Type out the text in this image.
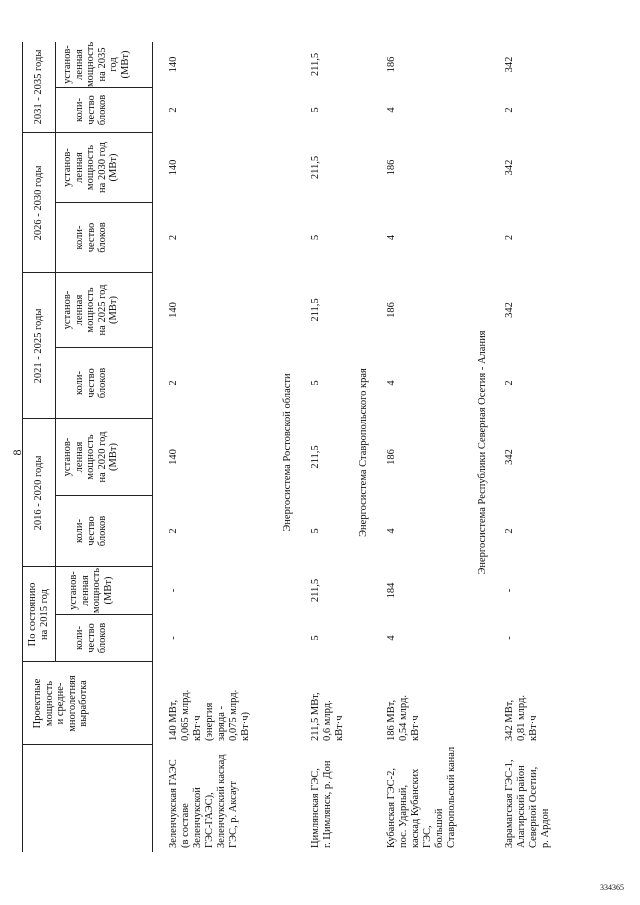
8
Проектные мощность и средне- многолетняя выработка
По состоянию на 2015 год
2016 - 2020 годы
2021 - 2025 годы
2026 - 2030 годы
2031 - 2035 годы
коли- чество блоков
установ- ленная мощность (МВт)
коли- чество блоков
установ- ленная мощность на 2020 год (МВт)
коли- чество блоков
установ- ленная мощность на 2025 год (МВт)
коли- чество блоков
установ- ленная мощность на 2030 год (МВт)
коли- чество блоков
установ- ленная мощность на 2035 год (МВт)
Зеленчукская ГАЭС (в составе Зеленчукской ГЭС-ГАЭС), Зеленчукский каскад ГЭС, р. Аксаут
140 МВт, 0,065 млрд. кВт·ч (энергия заряда - 0,075 млрд. кВт·ч)
-
-
2
140
2
140
2
140
2
140
Энергосистема Ростовской области
Цимлянская ГЭС, г. Цимлянск, р. Дон
211,5 МВт, 0,6 млрд. кВт·ч
5
211,5
5
211,5
5
211,5
5
211,5
5
211,5
Энергосистема Ставропольского края
Кубанская ГЭС-2, пос. Ударный, каскад Кубанских ГЭС, большой Ставропольский канал
186 МВт, 0,54 млрд. кВт·ч
4
184
4
186
4
186
4
186
4
186
Энергосистема Республики Северная Осетия - Алания
Зарамагская ГЭС-1, Алагирский район Северной Осетии, р. Ардон
342 МВт, 0,81 млрд. кВт·ч
-
-
2
342
2
342
2
342
2
342
334365
